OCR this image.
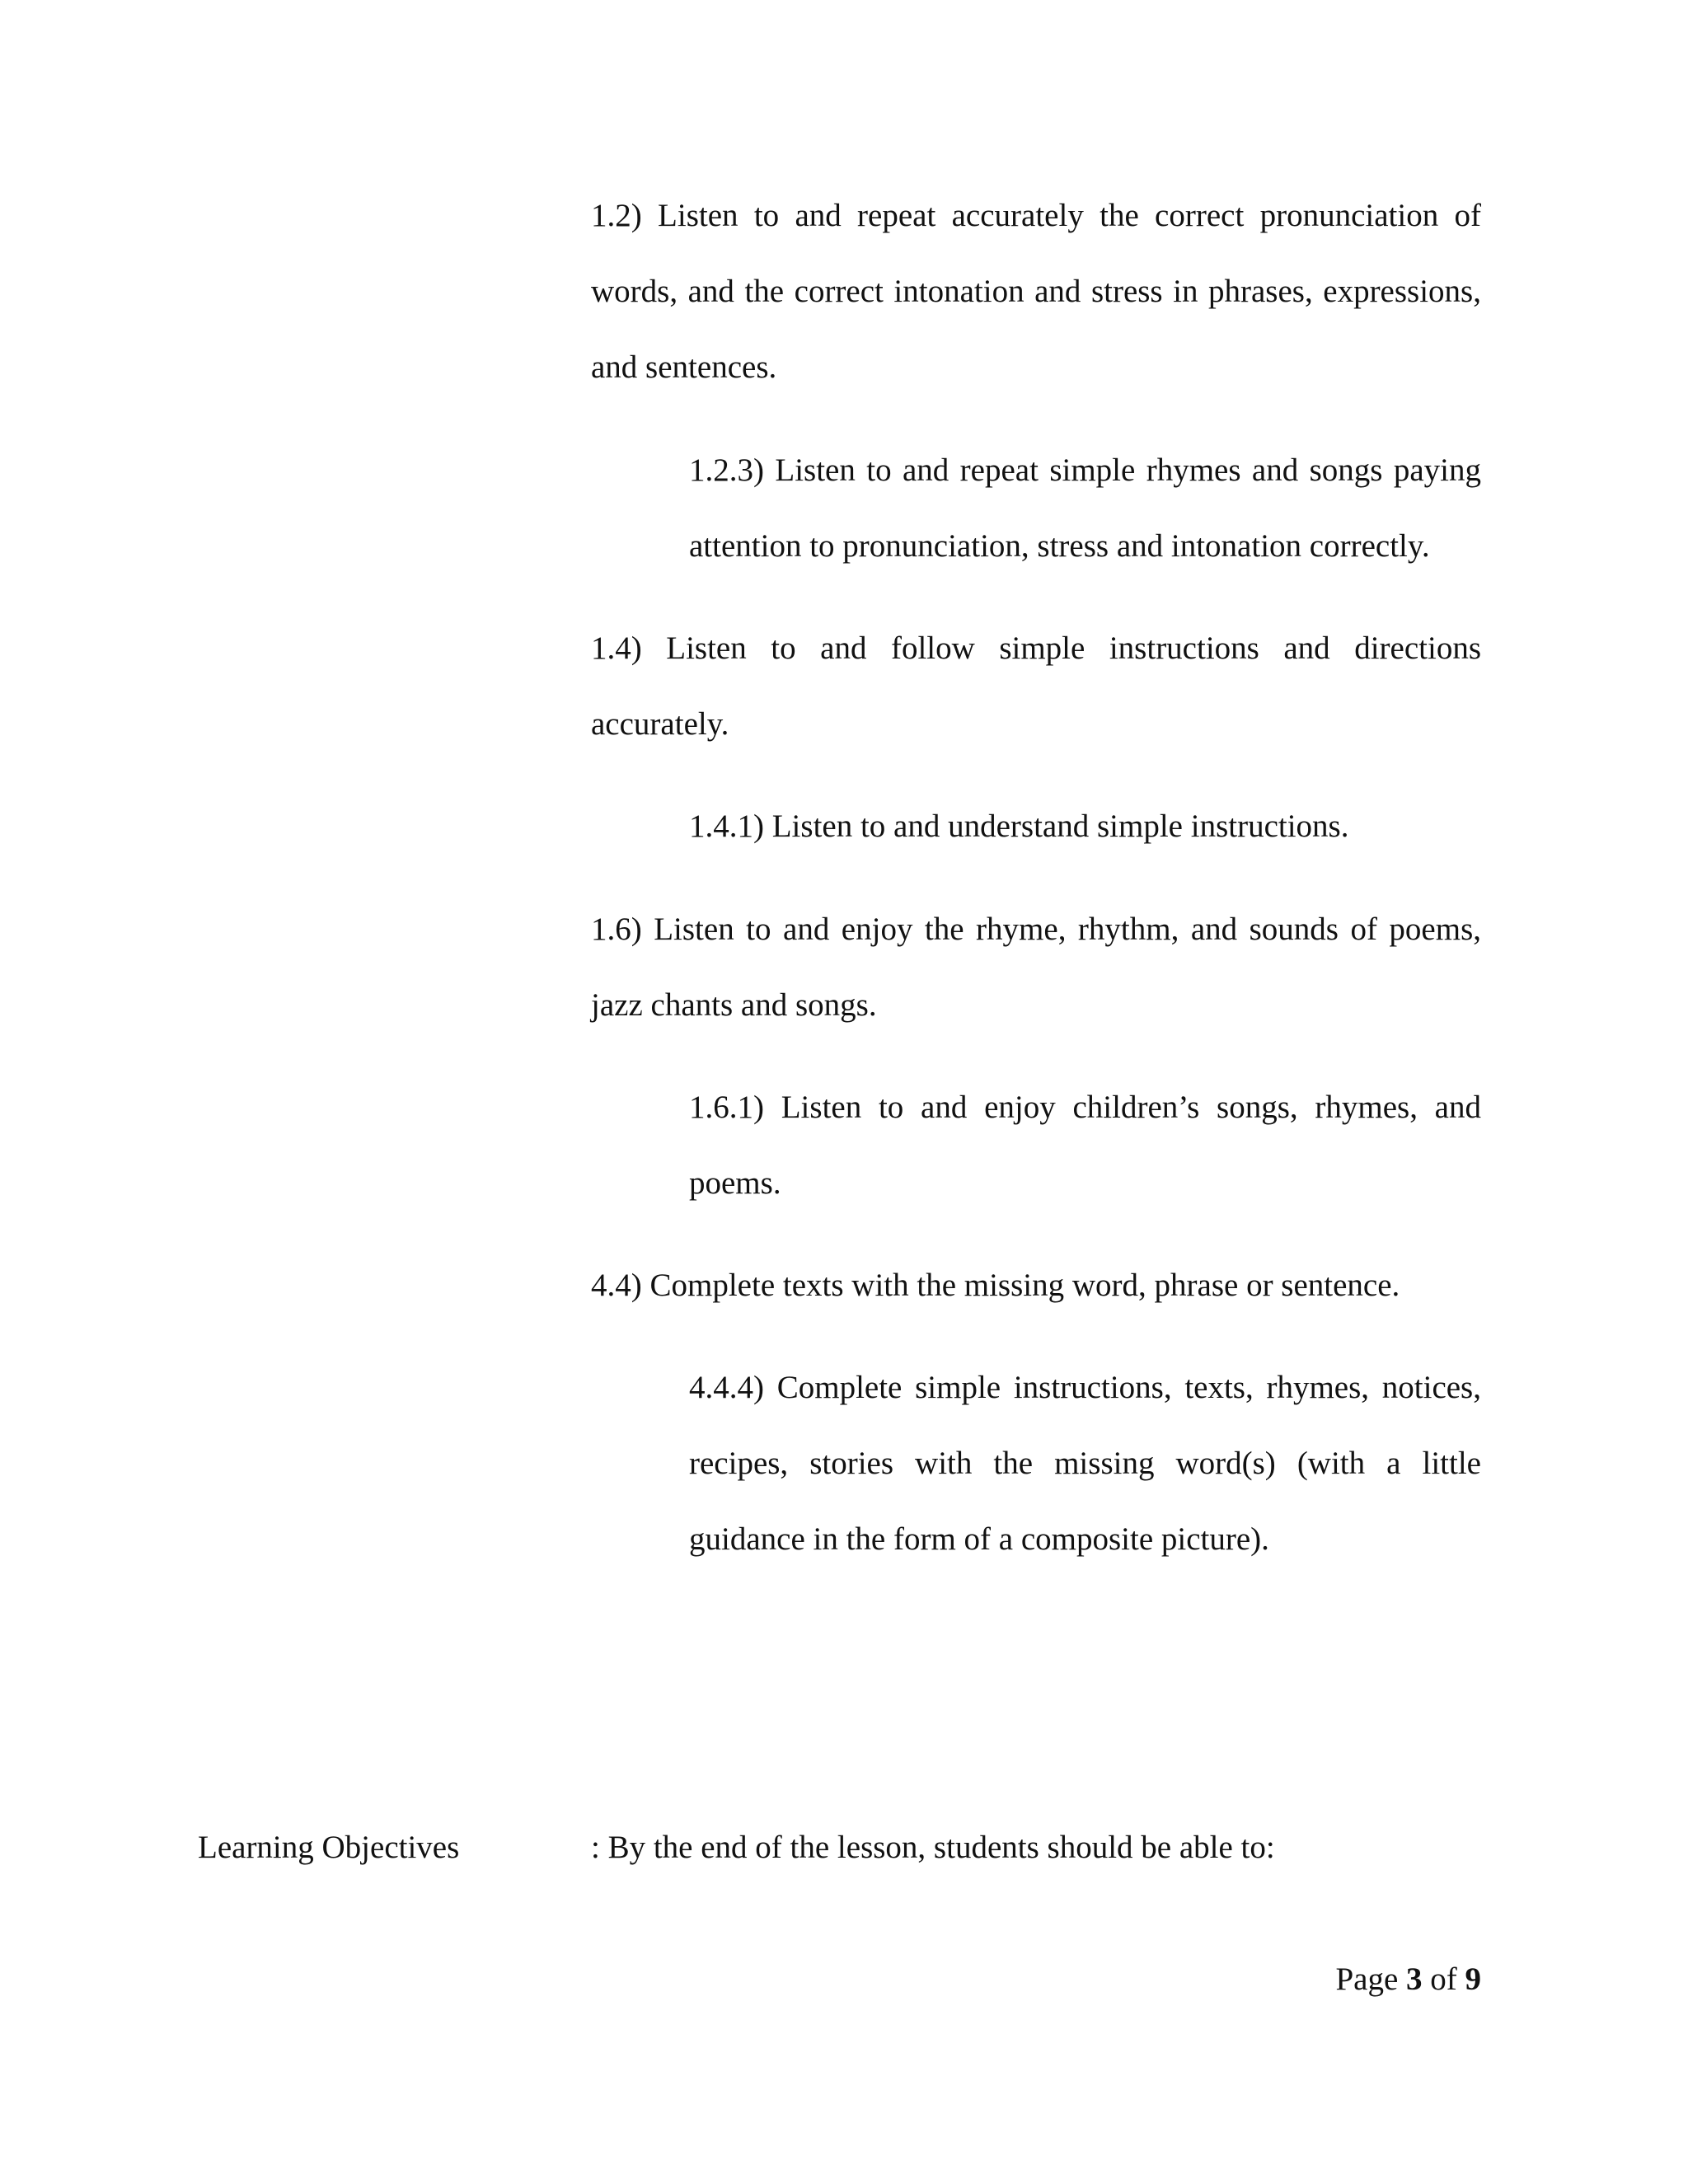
1.2) Listen to and repeat accurately the correct pronunciation of words, and the correct intonation and stress in phrases, expressions, and sentences.

1.2.3) Listen to and repeat simple rhymes and songs paying attention to pronunciation, stress and intonation correctly.

1.4) Listen to and follow simple instructions and directions accurately.

1.4.1) Listen to and understand simple instructions.

1.6) Listen to and enjoy the rhyme, rhythm, and sounds of poems, jazz chants and songs.

1.6.1) Listen to and enjoy children’s songs, rhymes, and poems.

4.4) Complete texts with the missing word, phrase or sentence.

4.4.4) Complete simple instructions, texts, rhymes, notices, recipes, stories with the missing word(s) (with a little guidance in the form of a composite picture).

Learning Objectives	: By the end of the lesson, students should be able to:

Page 3 of 9
